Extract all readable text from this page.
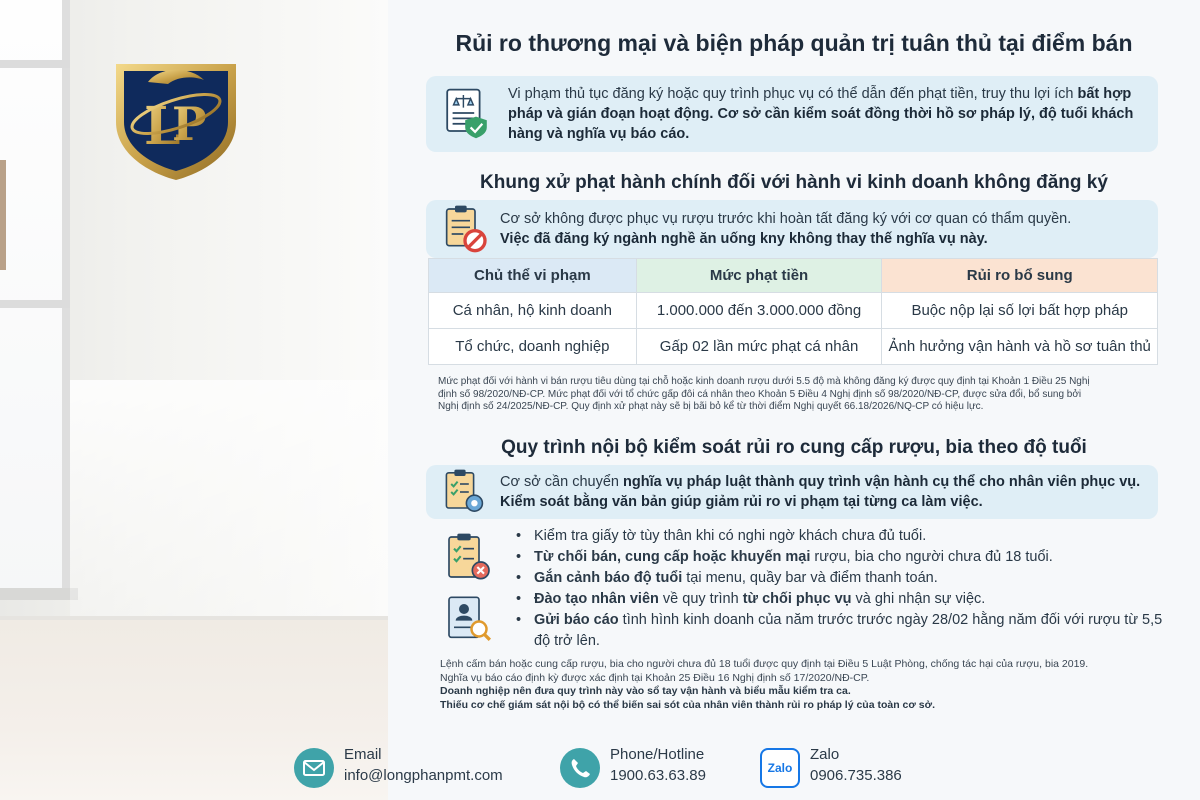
L
P
Rủi ro thương mại và biện pháp quản trị tuân thủ tại điểm bán
Vi phạm thủ tục đăng ký hoặc quy trình phục vụ có thể dẫn đến phạt tiền, truy thu lợi ích bất hợp pháp và gián đoạn hoạt động. Cơ sở cần kiểm soát đồng thời hồ sơ pháp lý, độ tuổi khách hàng và nghĩa vụ báo cáo.
Khung xử phạt hành chính đối với hành vi kinh doanh không đăng ký
Cơ sở không được phục vụ rượu trước khi hoàn tất đăng ký với cơ quan có thẩm quyền.
Việc đã đăng ký ngành nghề ăn uống kny không thay thế nghĩa vụ này.
Chủ thể vi phạm	Mức phạt tiền	Rủi ro bổ sung
Cá nhân, hộ kinh doanh	1.000.000 đến 3.000.000 đồng	Buộc nộp lại số lợi bất hợp pháp
Tổ chức, doanh nghiệp	Gấp 02 lần mức phạt cá nhân	Ảnh hưởng vận hành và hồ sơ tuân thủ
Mức phạt đối với hành vi bán rượu tiêu dùng tại chỗ hoặc kinh doanh rượu dưới 5.5 độ mà không đăng ký được quy định tại Khoản 1 Điều 25 Nghị
định số 98/2020/NĐ-CP. Mức phạt đối với tổ chức gấp đôi cá nhân theo Khoản 5 Điều 4 Nghị định số 98/2020/NĐ-CP, được sửa đổi, bổ sung bởi
Nghị định số 24/2025/NĐ-CP. Quy định xử phạt này sẽ bị bãi bỏ kể từ thời điểm Nghị quyết 66.18/2026/NQ-CP có hiệu lực.
Quy trình nội bộ kiểm soát rủi ro cung cấp rượu, bia theo độ tuổi
Cơ sở cần chuyển nghĩa vụ pháp luật thành quy trình vận hành cụ thể cho nhân viên phục vụ. Kiểm soát bằng văn bản giúp giảm rủi ro vi phạm tại từng ca làm việc.
• Kiểm tra giấy tờ tùy thân khi có nghi ngờ khách chưa đủ tuổi.
• Từ chối bán, cung cấp hoặc khuyến mại rượu, bia cho người chưa đủ 18 tuổi.
• Gắn cảnh báo độ tuổi tại menu, quầy bar và điểm thanh toán.
• Đào tạo nhân viên về quy trình từ chối phục vụ và ghi nhận sự việc.
• Gửi báo cáo tình hình kinh doanh của năm trước trước ngày 28/02 hằng năm đối với rượu từ 5,5 độ trở lên.
Lệnh cấm bán hoặc cung cấp rượu, bia cho người chưa đủ 18 tuổi được quy định tại Điều 5 Luật Phòng, chống tác hại của rượu, bia 2019.
Nghĩa vụ báo cáo định kỳ được xác định tại Khoản 25 Điều 16 Nghị định số 17/2020/NĐ-CP.
Doanh nghiệp nên đưa quy trình này vào sổ tay vận hành và biểu mẫu kiểm tra ca.
Thiếu cơ chế giám sát nội bộ có thể biến sai sót của nhân viên thành rủi ro pháp lý của toàn cơ sở.
Email
info@longphanpmt.com
Phone/Hotline
1900.63.63.89	Zalo
Zalo
0906.735.386
